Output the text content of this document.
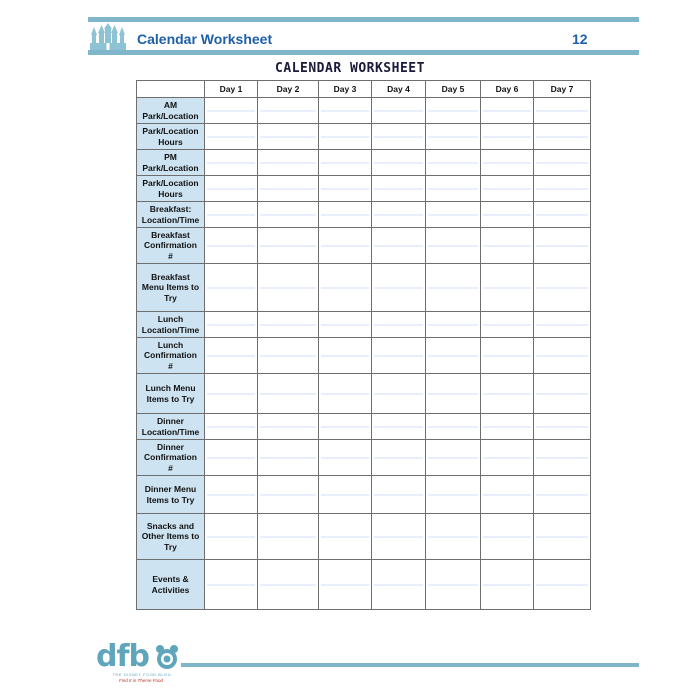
Calendar Worksheet	12
CALENDAR WORKSHEET
	Day 1	Day 2	Day 3	Day 4	Day 5	Day 6	Day 7
AM
Park/Location	

Park/Location
Hours	

PM
Park/Location	

Park/Location
Hours	

Breakfast:
Location/Time	

Breakfast
Confirmation
#	

Breakfast
Menu Items to
Try	

Lunch
Location/Time	

Lunch
Confirmation
#	

Lunch Menu
Items to Try	

Dinner
Location/Time	

Dinner
Confirmation
#	

Dinner Menu
Items to Try	

Snacks and
Other Items to
Try	

Events &
Activities	

dfb
THE DISNEY FOOD BLOG
Find It in Theme Food
